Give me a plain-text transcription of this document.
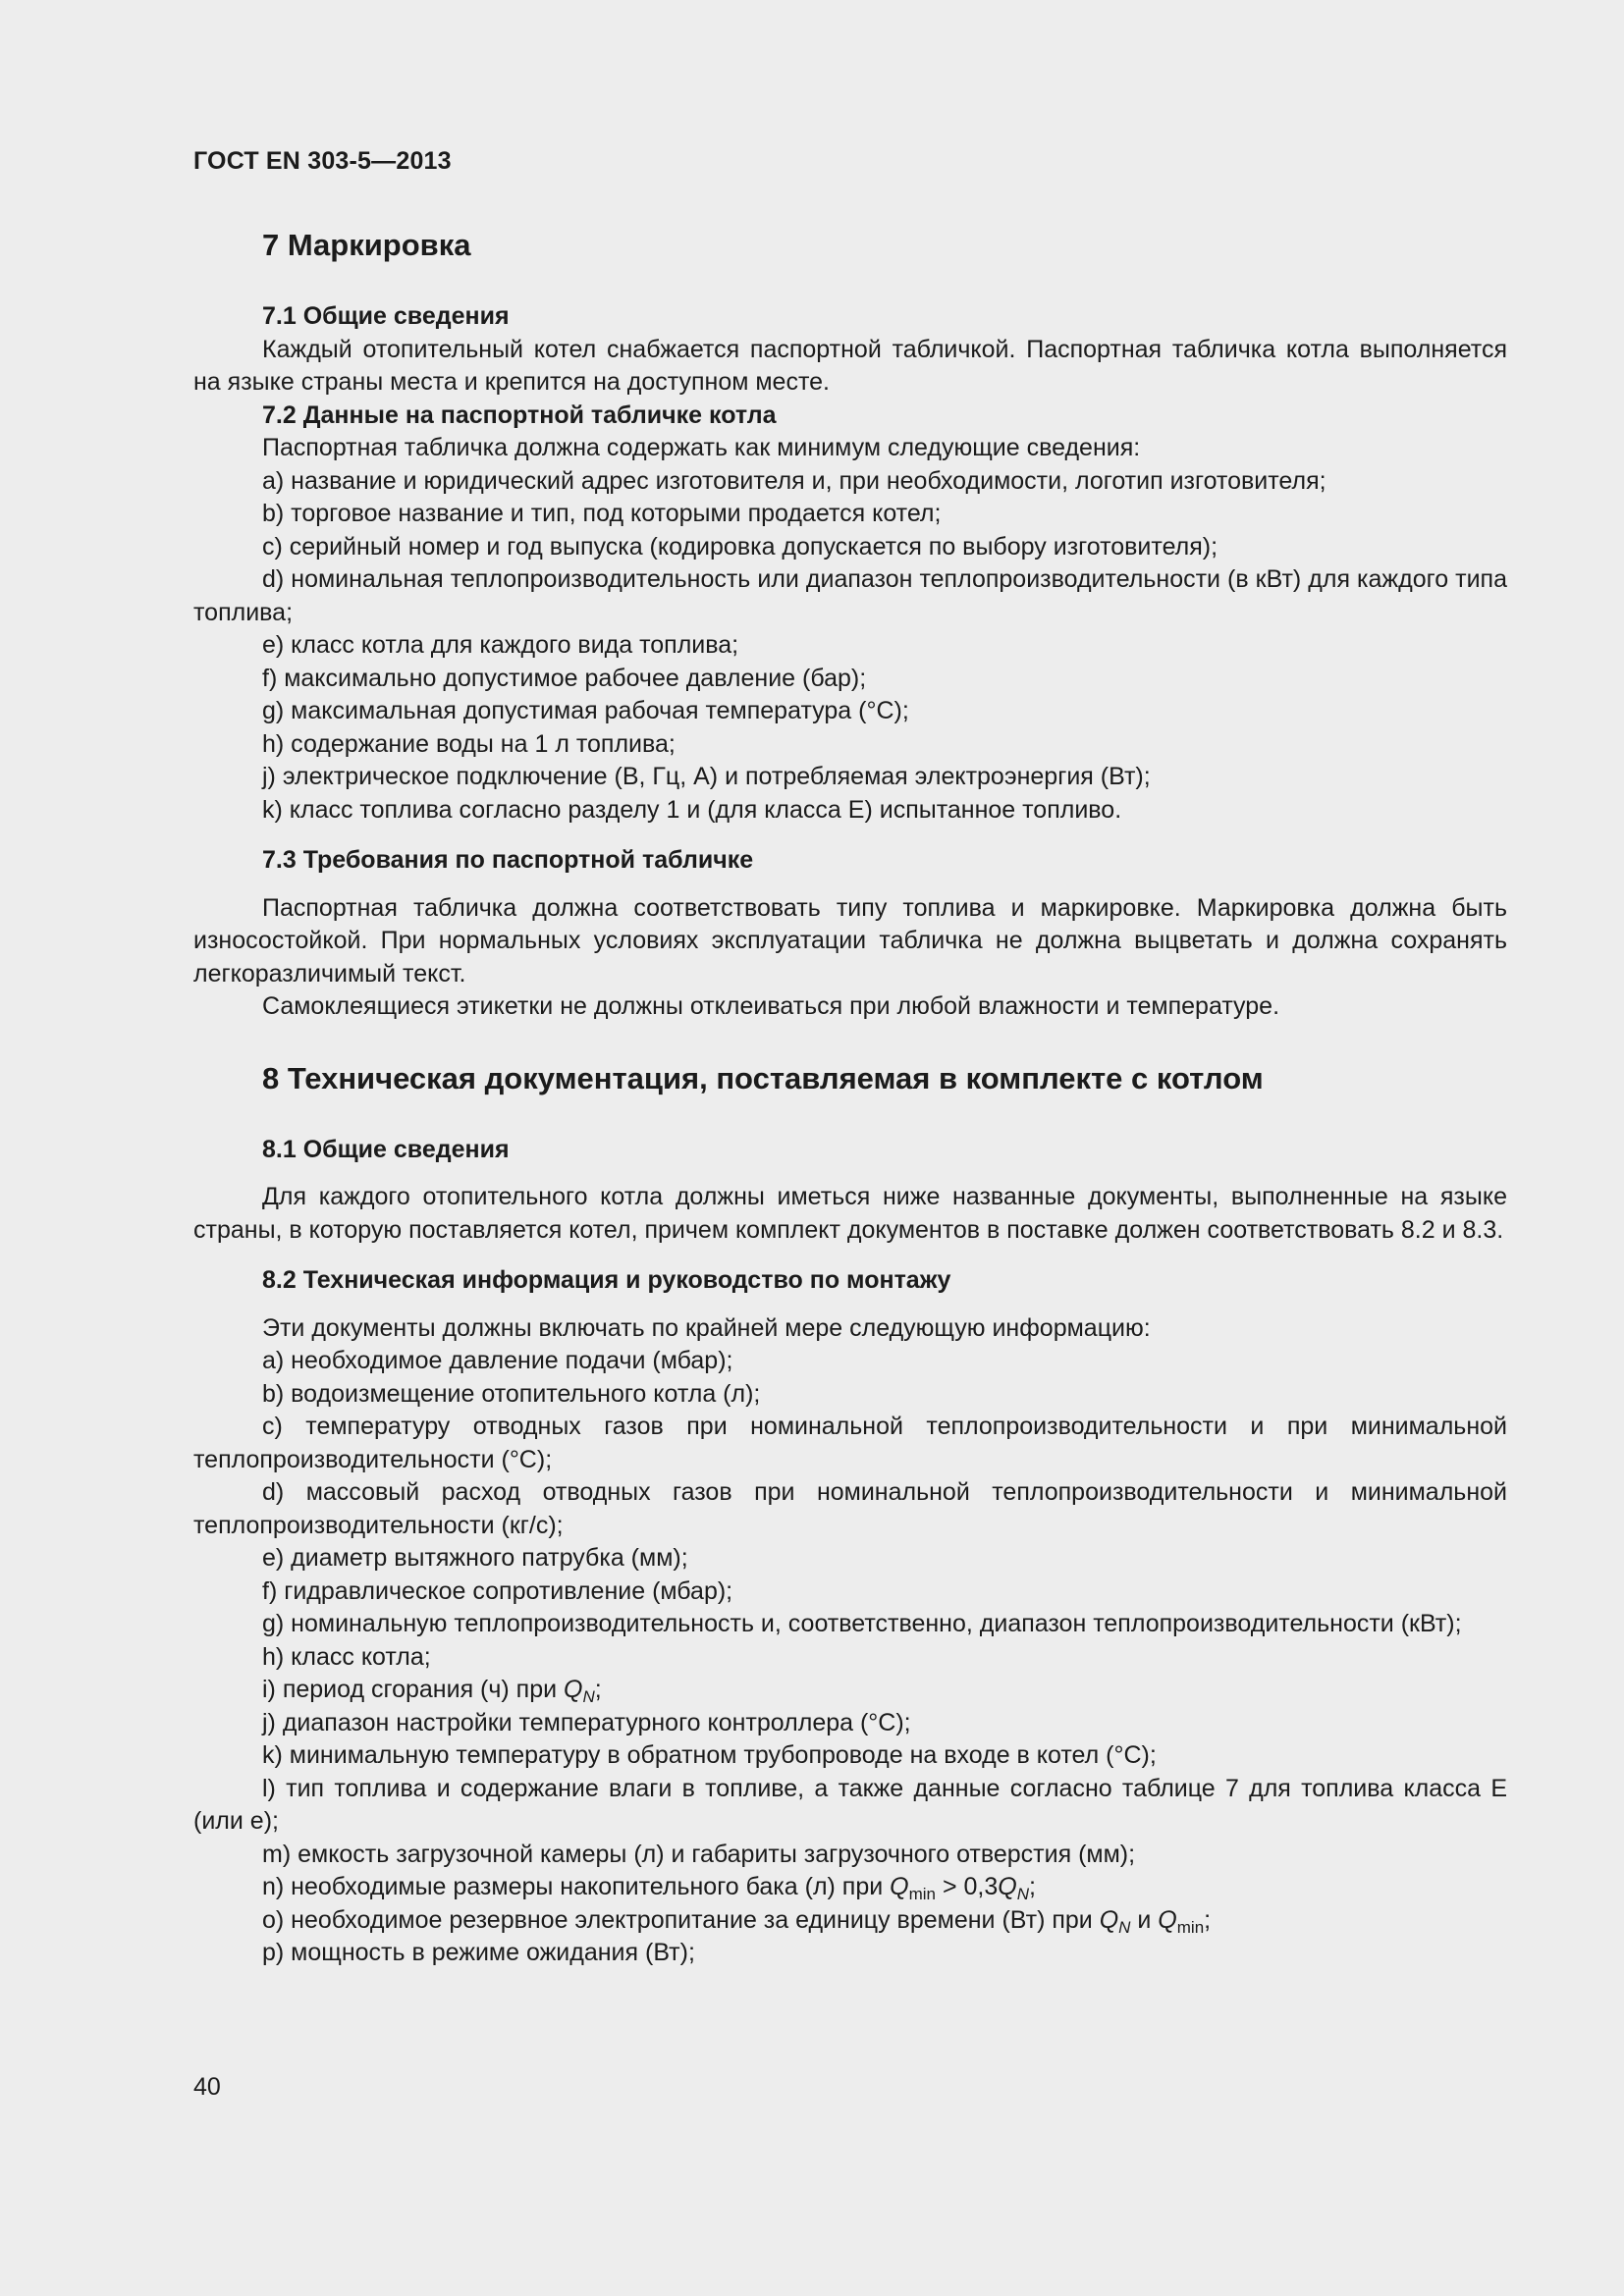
ГОСТ EN 303-5—2013
7 Маркировка
7.1 Общие сведения

Каждый отопительный котел снабжается паспортной табличкой. Паспортная табличка котла выполняется на языке страны места и крепится на доступном месте.

7.2 Данные на паспортной табличке котла

Паспортная табличка должна содержать как минимум следующие сведения:

a) название и юридический адрес изготовителя и, при необходимости, логотип изготовителя;

b) торговое название и тип, под которыми продается котел;

c) серийный номер и год выпуска (кодировка допускается по выбору изготовителя);

d) номинальная теплопроизводительность или диапазон теплопроизводительности (в кВт) для каждого типа топлива;

e) класс котла для каждого вида топлива;

f) максимально допустимое рабочее давление (бар);

g) максимальная допустимая рабочая температура (°C);

h) содержание воды на 1 л топлива;

j) электрическое подключение (В, Гц, А) и потребляемая электроэнергия (Вт);

k) класс топлива согласно разделу 1 и (для класса E) испытанное топливо.

7.3 Требования по паспортной табличке

Паспортная табличка должна соответствовать типу топлива и маркировке. Маркировка должна быть износостойкой. При нормальных условиях эксплуатации табличка не должна выцветать и должна сохранять легкоразличимый текст.

Самоклеящиеся этикетки не должны отклеиваться при любой влажности и температуре.

8 Техническая документация, поставляемая в комплекте с котлом
8.1 Общие сведения

Для каждого отопительного котла должны иметься ниже названные документы, выполненные на языке страны, в которую поставляется котел, причем комплект документов в поставке должен соответствовать 8.2 и 8.3.

8.2 Техническая информация и руководство по монтажу

Эти документы должны включать по крайней мере следующую информацию:

a) необходимое давление подачи (мбар);

b) водоизмещение отопительного котла (л);

c) температуру отводных газов при номинальной теплопроизводительности и при минимальной теплопроизводительности (°C);

d) массовый расход отводных газов при номинальной теплопроизводительности и минимальной теплопроизводительности (кг/с);

e) диаметр вытяжного патрубка (мм);

f) гидравлическое сопротивление (мбар);

g) номинальную теплопроизводительность и, соответственно, диапазон теплопроизводительности (кВт);

h) класс котла;

i) период сгорания (ч) при $Q_N$;

j) диапазон настройки температурного контроллера (°C);

k) минимальную температуру в обратном трубопроводе на входе в котел (°C);

l) тип топлива и содержание влаги в топливе, а также данные согласно таблице 7 для топлива класса E (или e);

m) емкость загрузочной камеры (л) и габариты загрузочного отверстия (мм);

n) необходимые размеры накопительного бака (л) при $Q_{min} > 0,3Q_N$;

o) необходимое резервное электропитание за единицу времени (Вт) при $Q_N$ и $Q_{min}$;

p) мощность в режиме ожидания (Вт);

40
